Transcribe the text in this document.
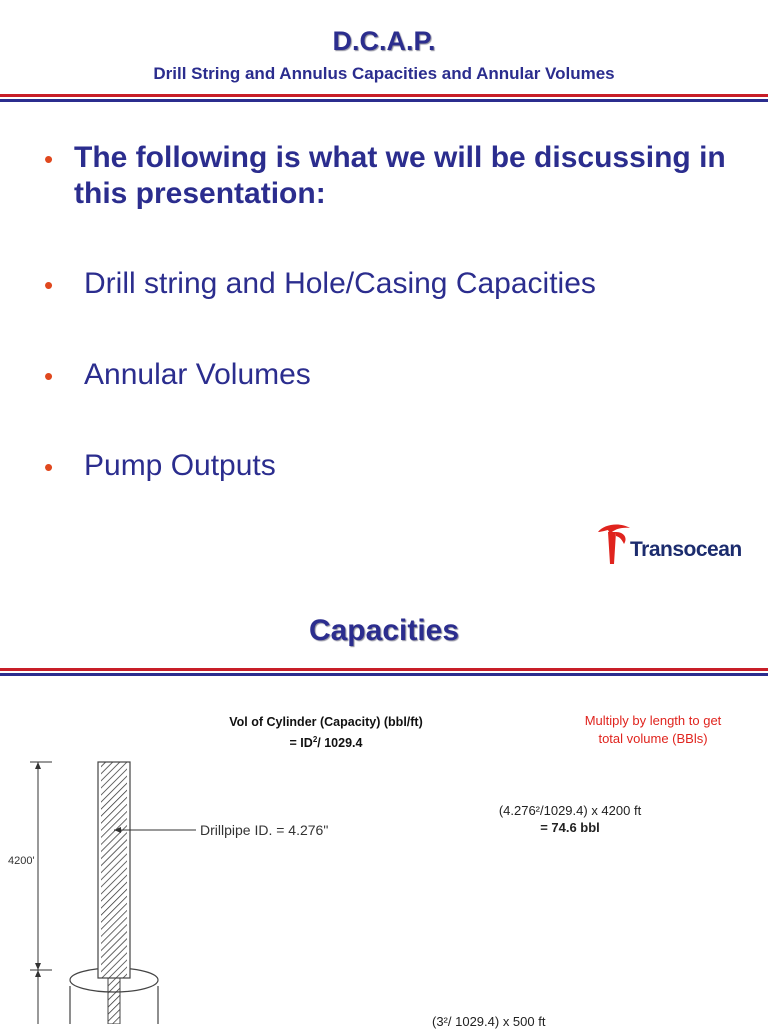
D.C.A.P.
Drill String and Annulus Capacities and Annular Volumes
• The following is what we will be discussing in this presentation:
•	Drill string and Hole/Casing Capacities
•	Annular Volumes
•	Pump Outputs
Transocean
Capacities
Vol of Cylinder (Capacity) (bbl/ft)
= $ID^2/$ 1029.4
Multiply by length to get total volume (BBls)
(4.276²/1029.4) x 4200 ft
= 74.6 bbl
(3²/ 1029.4) x 500 ft
Drillpipe ID. = 4.276"
4200'
